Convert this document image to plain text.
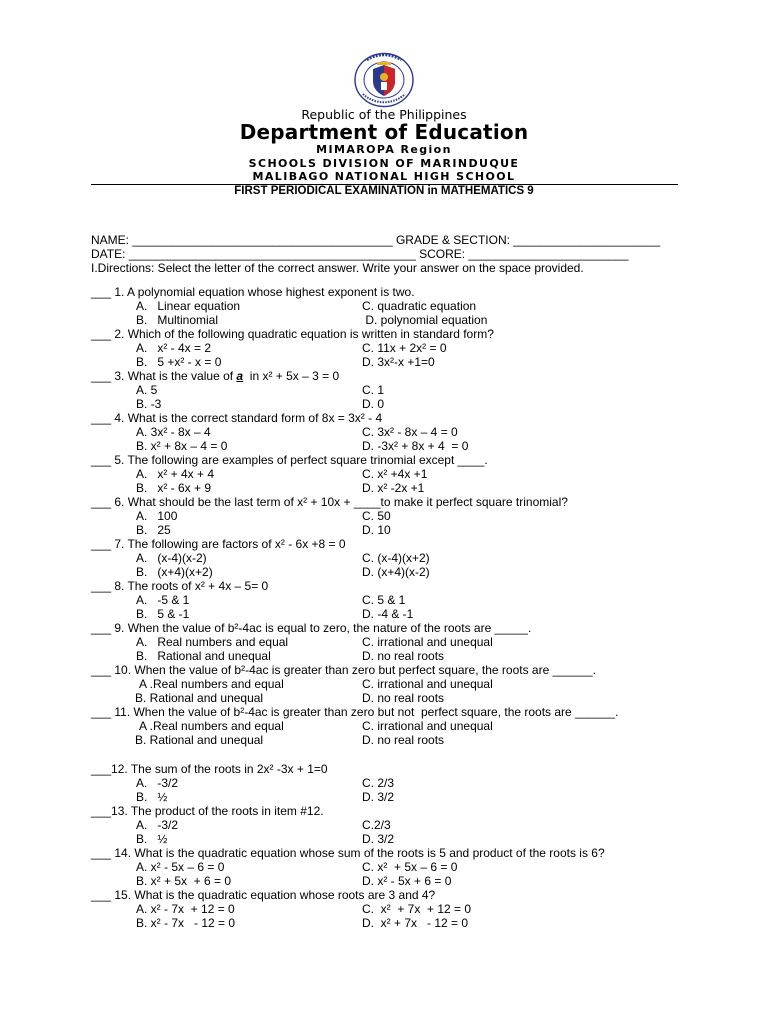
Republic of the Philippines
Department of Education
MIMAROPA Region
SCHOOLS DIVISION OF MARINDUQUE
MALIBAGO NATIONAL HIGH SCHOOL
FIRST PERIODICAL EXAMINATION in MATHEMATICS 9
NAME: _______________________________________ GRADE & SECTION: ______________________
DATE: ___________________________________________ SCORE: ________________________
I.Directions: Select the letter of the correct answer. Write your answer on the space provided.
___ 1. A polynomial equation whose highest exponent is two.
A.   Linear equation	C. quadratic equation
B.   Multinomial	D. polynomial equation
___ 2. Which of the following quadratic equation is written in standard form?
A.   x² - 4x = 2	C. 11x + 2x² = 0
B.   5 +x² - x = 0	D. 3x²-x +1=0
___ 3. What is the value of a  in x² + 5x – 3 = 0
A. 5	C. 1
B. -3	D. 0
___ 4. What is the correct standard form of 8x = 3x² - 4
A. 3x² - 8x – 4	C. 3x² - 8x – 4 = 0
B. x² + 8x – 4 = 0	D. -3x² + 8x + 4  = 0
___ 5. The following are examples of perfect square trinomial except ____.
A.   x² + 4x + 4	C. x² +4x +1
B.   x² - 6x + 9	D. x² -2x +1
___ 6. What should be the last term of x² + 10x + ____to make it perfect square trinomial?
A.   100	C. 50
B.   25	D. 10
___ 7. The following are factors of x² - 6x +8 = 0
A.   (x-4)(x-2)	C. (x-4)(x+2)
B.   (x+4)(x+2)	D. (x+4)(x-2)
___ 8. The roots of x² + 4x – 5= 0
A.   -5 & 1	C. 5 & 1
B.   5 & -1	D. -4 & -1
___ 9. When the value of b²-4ac is equal to zero, the nature of the roots are _____.
A.   Real numbers and equal	C. irrational and unequal
B.   Rational and unequal	D. no real roots
___ 10. When the value of b²-4ac is greater than zero but perfect square, the roots are ______.
A .Real numbers and equal	C. irrational and unequal
B. Rational and unequal	D. no real roots
___ 11. When the value of b²-4ac is greater than zero but not  perfect square, the roots are ______.
A .Real numbers and equal	C. irrational and unequal
B. Rational and unequal	D. no real roots
___12. The sum of the roots in 2x² -3x + 1=0
A.   -3/2	C. 2/3
B.   ½	D. 3/2
___13. The product of the roots in item #12.
A.   -3/2	C.2/3
B.   ½	D. 3/2
___ 14. What is the quadratic equation whose sum of the roots is 5 and product of the roots is 6?
A. x² - 5x – 6 = 0	C. x²  + 5x – 6 = 0
B. x² + 5x  + 6 = 0	D. x² - 5x + 6 = 0
___ 15. What is the quadratic equation whose roots are 3 and 4?
A. x² - 7x  + 12 = 0	C.  x²  + 7x  + 12 = 0
B. x² - 7x   - 12 = 0	D.  x² + 7x   - 12 = 0
